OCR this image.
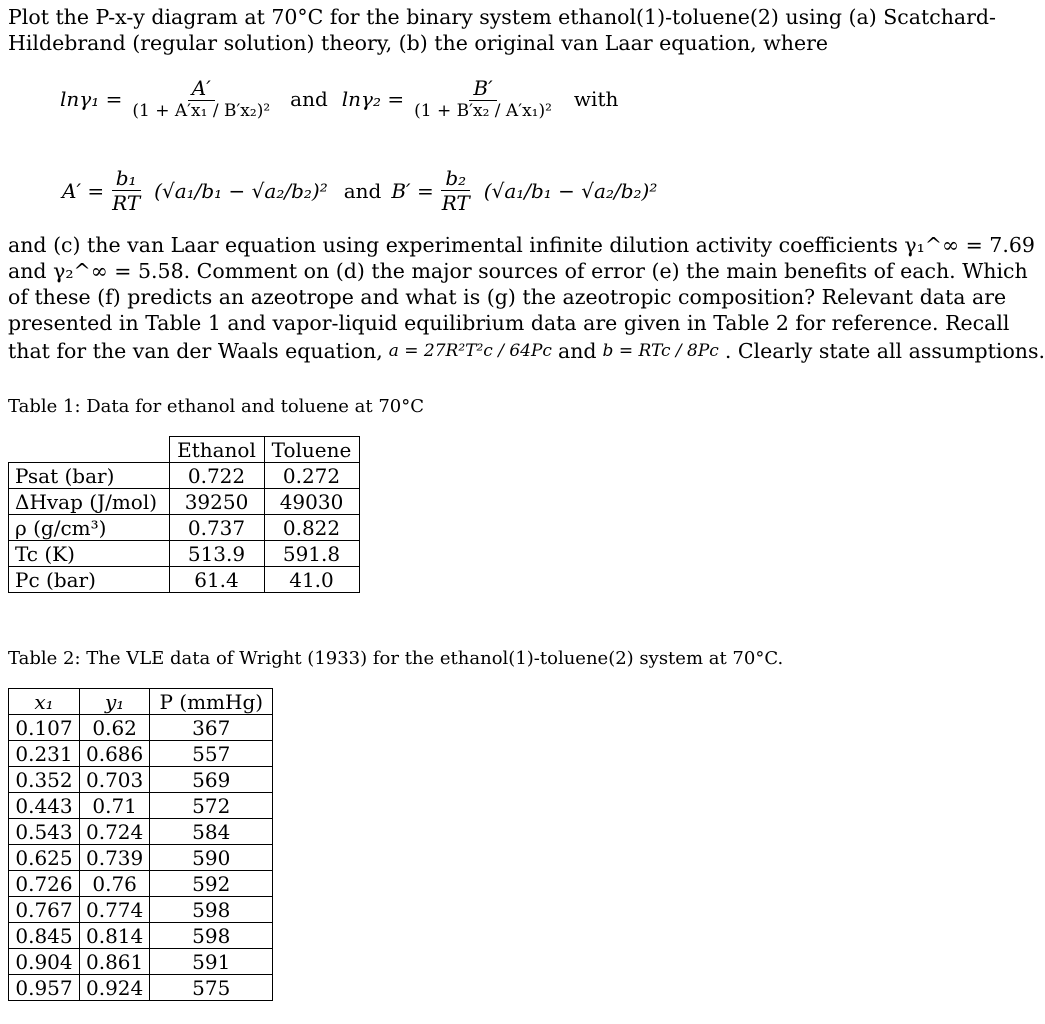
Plot the P-x-y diagram at 70°C for the binary system ethanol(1)-toluene(2) using (a) Scatchard-
Hildebrand (regular solution) theory, (b) the original van Laar equation, where
$\ln\gamma_1 = \frac{A'}{\text{(1 + A′x₁ / B′x₂)²}}$ and $\ln\gamma_2 = \frac{B'}{\text{(1 + B′x₂ / A′x₁)²}}$ with
$A' = \frac{\text{b₁}}{RT} (√a_1/b_1 - √a_2/b_2)^2$ and $B' = \frac{\text{b₂}}{RT} (√a_1/b_1 - √a_2/b_2)^2$
and (c) the van Laar equation using experimental infinite dilution activity coefficients γ₁^∞ = 7.69
and γ₂^∞ = 5.58. Comment on (d) the major sources of error (e) the main benefits of each. Which
of these (f) predicts an azeotrope and what is (g) the azeotropic composition? Relevant data are
presented in Table 1 and vapor-liquid equilibrium data are given in Table 2 for reference. Recall
that for the van der Waals equation, a = 27R²T²c / 64Pc and b = RTc / 8Pc . Clearly state all assumptions.
Table 1: Data for ethanol and toluene at 70°C
	Ethanol	Toluene
Psat (bar)	0.722	0.272
ΔHvap (J/mol)	39250	49030
ρ (g/cm³)	0.737	0.822
Tc (K)	513.9	591.8
Pc (bar)	61.4	41.0
Table 2: The VLE data of Wright (1933) for the ethanol(1)-toluene(2) system at 70°C.
x₁	y₁	P (mmHg)
0.107	0.62	367
0.231	0.686	557
0.352	0.703	569
0.443	0.71	572
0.543	0.724	584
0.625	0.739	590
0.726	0.76	592
0.767	0.774	598
0.845	0.814	598
0.904	0.861	591
0.957	0.924	575
